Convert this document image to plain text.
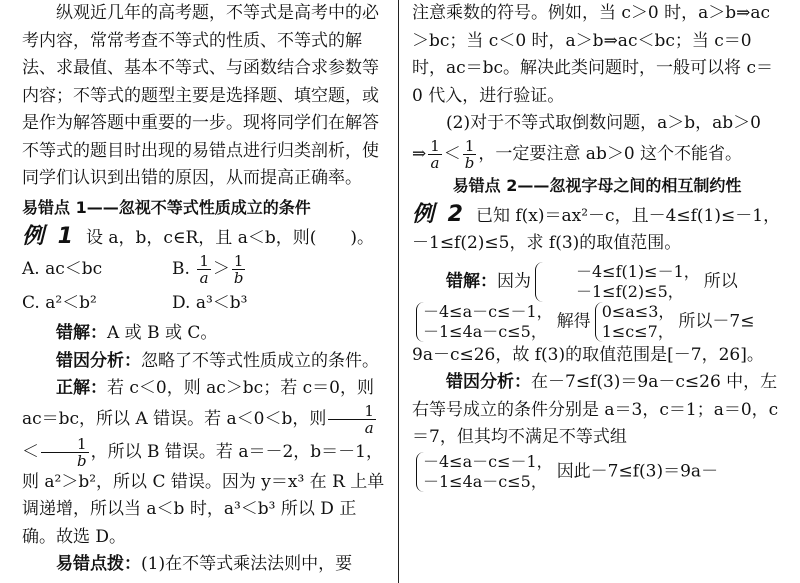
纵观近几年的高考题，不等式是高考中的必考内容，常常考查不等式的性质、不等式的解法、求最值、基本不等式、与函数结合求参数等内容；不等式的题型主要是选择题、填空题，或是作为解答题中重要的一步。现将同学们在解答不等式的题目时出现的易错点进行归类剖析，使同学们认识到出错的原因，从而提高正确率。

易错点 1——忽视不等式性质成立的条件

例 1 设 a，b，c∈R，且 a＜b，则(　　)。

A. ac＜bc	B. $\frac{1}{a} > \frac{1}{b}$
C. a²＜b²	D. a³＜b³

错解：A 或 B 或 C。

错因分析：忽略了不等式性质成立的条件。

正解：若 c＜0，则 ac＞bc；若 c＝0，则 ac＝bc，所以 A 错误。若 a＜0＜b，则 $\frac{1}{a}$
＜ $\frac{1}{b}$ ，所以 B 错误。若 a＝－2，b＝－1，则 a²＞b²，所以 C 错误。因为 y＝x³ 在 R 上单调递增，所以当 a＜b 时，a³＜b³ 所以 D 正确。故选 D。

易错点拨：(1)在不等式乘法法则中，要

注意乘数的符号。例如，当 c＞0 时，a＞b⇒ac＞bc；当 c＜0 时，a＞b⇒ac＜bc；当 c＝0 时，ac＝bc。解决此类问题时，一般可以将 c＝0 代入，进行验证。

(2)对于不等式取倒数问题，a＞b，ab＞0

⇒ $\frac{1}{a} < \frac{1}{b}$ ，一定要注意 ab＞0 这个不能省。

易错点 2——忽视字母之间的相互制约性

例 2 已知 f(x)＝ax²－c，且－4≤f(1)≤－1，－1≤f(2)≤5，求 f(3)的取值范围。

错解：因为	－4≤f(1)≤－1，
－1≤f(2)≤5，	所以

－4≤a－c≤－1，
－1≤4a－c≤5， 解得 0≤a≤3，
1≤c≤7， 所以－7≤

9a－c≤26，故 f(3)的取值范围是[－7，26]。

错因分析：在－7≤f(3)＝9a－c≤26 中，左右等号成立的条件分别是 a＝3，c＝1；a＝0，c＝7，但其均不满足不等式组

－4≤a－c≤－1，
－1≤4a－c≤5， 因此－7≤f(3)＝9a－
